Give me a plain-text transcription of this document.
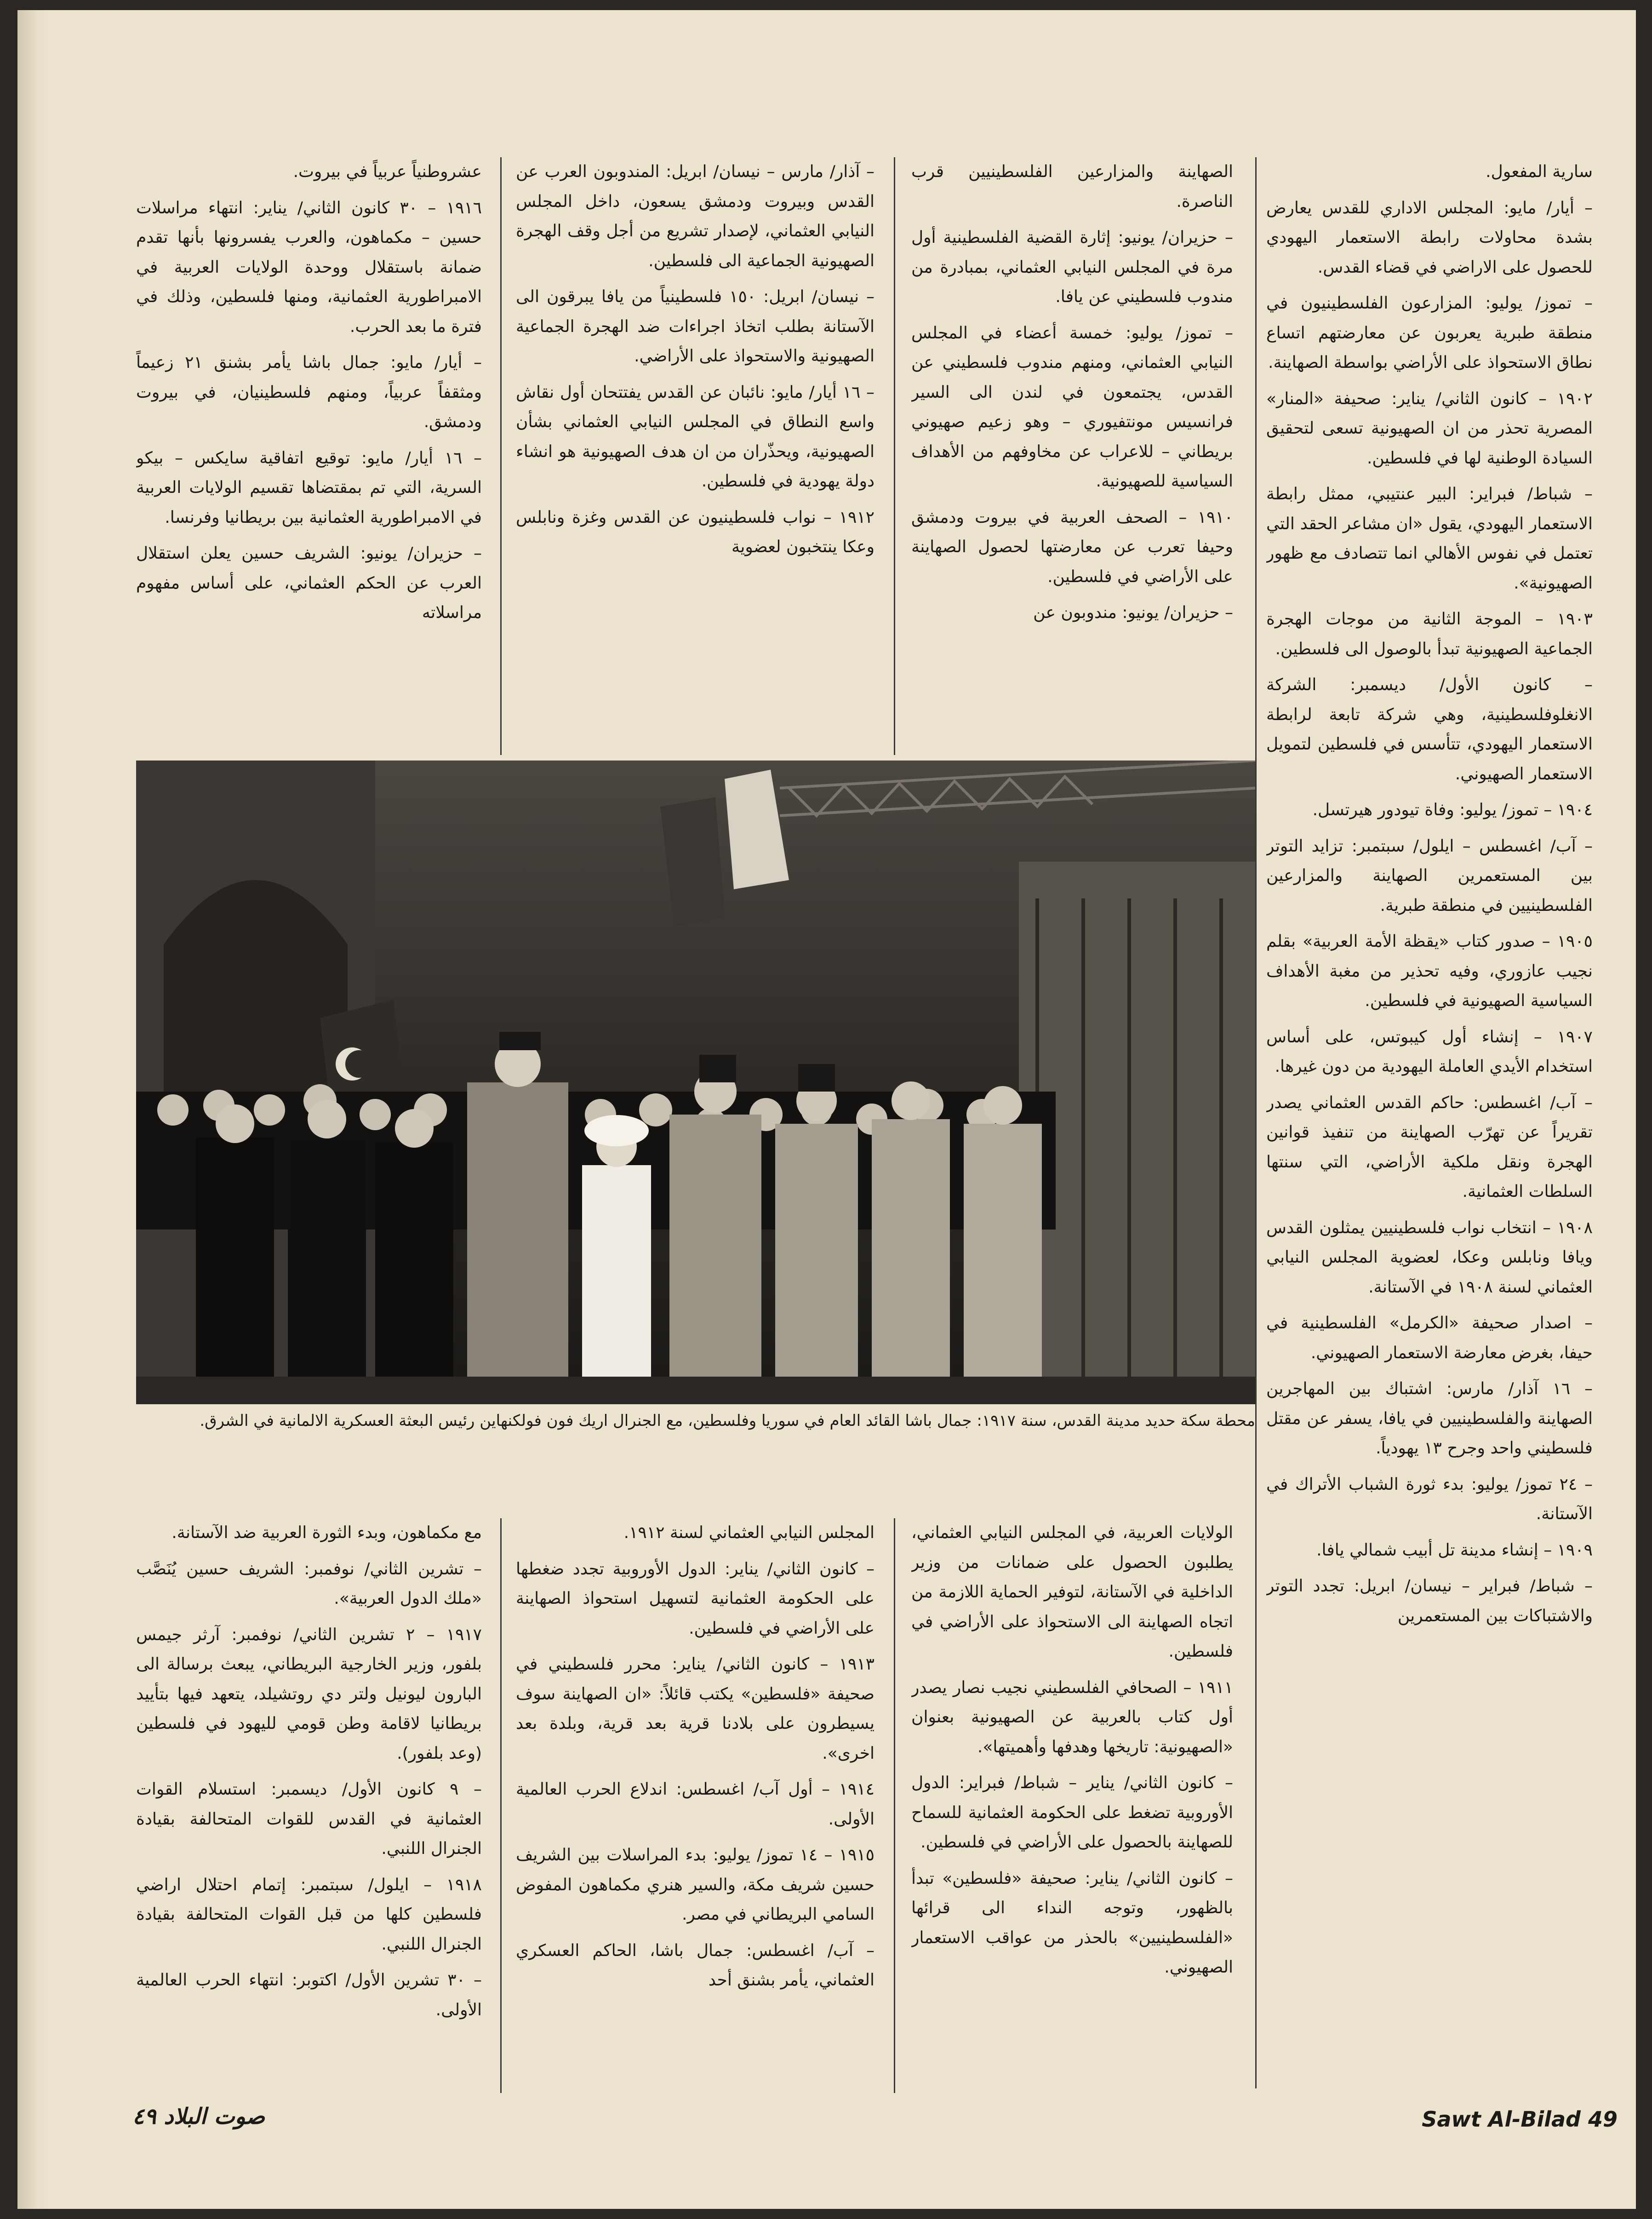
سارية المفعول.

– أيار/ مايو: المجلس الاداري للقدس يعارض بشدة محاولات رابطة الاستعمار اليهودي للحصول على الاراضي في قضاء القدس.

– تموز/ يوليو: المزارعون الفلسطينيون في منطقة طبرية يعربون عن معارضتهم اتساع نطاق الاستحواذ على الأراضي بواسطة الصهاينة.

١٩٠٢ – كانون الثاني/ يناير: صحيفة «المنار» المصرية تحذر من ان الصهيونية تسعى لتحقيق السيادة الوطنية لها في فلسطين.

– شباط/ فبراير: البير عنتيبي، ممثل رابطة الاستعمار اليهودي، يقول «ان مشاعر الحقد التي تعتمل في نفوس الأهالي انما تتصادف مع ظهور الصهيونية».

١٩٠٣ – الموجة الثانية من موجات الهجرة الجماعية الصهيونية تبدأ بالوصول الى فلسطين.

– كانون الأول/ ديسمبر: الشركة الانغلوفلسطينية، وهي شركة تابعة لرابطة الاستعمار اليهودي، تتأسس في فلسطين لتمويل الاستعمار الصهيوني.

١٩٠٤ – تموز/ يوليو: وفاة تيودور هيرتسل.

– آب/ اغسطس – ايلول/ سبتمبر: تزايد التوتر بين المستعمرين الصهاينة والمزارعين الفلسطينيين في منطقة طبرية.

١٩٠٥ – صدور كتاب «يقظة الأمة العربية» بقلم نجيب عازوري، وفيه تحذير من مغبة الأهداف السياسية الصهيونية في فلسطين.

١٩٠٧ – إنشاء أول كيبوتس، على أساس استخدام الأيدي العاملة اليهودية من دون غيرها.

– آب/ اغسطس: حاكم القدس العثماني يصدر تقريراً عن تهرّب الصهاينة من تنفيذ قوانين الهجرة ونقل ملكية الأراضي، التي سنتها السلطات العثمانية.

١٩٠٨ – انتخاب نواب فلسطينيين يمثلون القدس ويافا ونابلس وعكا، لعضوية المجلس النيابي العثماني لسنة ١٩٠٨ في الآستانة.

– اصدار صحيفة «الكرمل» الفلسطينية في حيفا، بغرض معارضة الاستعمار الصهيوني.

– ١٦ آذار/ مارس: اشتباك بين المهاجرين الصهاينة والفلسطينيين في يافا، يسفر عن مقتل فلسطيني واحد وجرح ١٣ يهودياً.

– ٢٤ تموز/ يوليو: بدء ثورة الشباب الأتراك في الآستانة.

١٩٠٩ – إنشاء مدينة تل أبيب شمالي يافا.

– شباط/ فبراير – نيسان/ ابريل: تجدد التوتر والاشتباكات بين المستعمرين

الصهاينة والمزارعين الفلسطينيين قرب الناصرة.

– حزيران/ يونيو: إثارة القضية الفلسطينية أول مرة في المجلس النيابي العثماني، بمبادرة من مندوب فلسطيني عن يافا.

– تموز/ يوليو: خمسة أعضاء في المجلس النيابي العثماني، ومنهم مندوب فلسطيني عن القدس، يجتمعون في لندن الى السير فرانسيس مونتفيوري – وهو زعيم صهيوني بريطاني – للاعراب عن مخاوفهم من الأهداف السياسية للصهيونية.

١٩١٠ – الصحف العربية في بيروت ودمشق وحيفا تعرب عن معارضتها لحصول الصهاينة على الأراضي في فلسطين.

– حزيران/ يونيو: مندوبون عن

– آذار/ مارس – نيسان/ ابريل: المندوبون العرب عن القدس وبيروت ودمشق يسعون، داخل المجلس النيابي العثماني، لإصدار تشريع من أجل وقف الهجرة الصهيونية الجماعية الى فلسطين.

– نيسان/ ابريل: ١٥٠ فلسطينياً من يافا يبرقون الى الآستانة بطلب اتخاذ اجراءات ضد الهجرة الجماعية الصهيونية والاستحواذ على الأراضي.

– ١٦ أيار/ مايو: نائبان عن القدس يفتتحان أول نقاش واسع النطاق في المجلس النيابي العثماني بشأن الصهيونية، ويحذّران من ان هدف الصهيونية هو انشاء دولة يهودية في فلسطين.

١٩١٢ – نواب فلسطينيون عن القدس وغزة ونابلس وعكا ينتخبون لعضوية

عشروطنياً عربياً في بيروت.

١٩١٦ – ٣٠ كانون الثاني/ يناير: انتهاء مراسلات حسين – مكماهون، والعرب يفسرونها بأنها تقدم ضمانة باستقلال ووحدة الولايات العربية في الامبراطورية العثمانية، ومنها فلسطين، وذلك في فترة ما بعد الحرب.

– أيار/ مايو: جمال باشا يأمر بشنق ٢١ زعيماً ومثقفاً عربياً، ومنهم فلسطينيان، في بيروت ودمشق.

– ١٦ أيار/ مايو: توقيع اتفاقية سايكس – بيكو السرية، التي تم بمقتضاها تقسيم الولايات العربية في الامبراطورية العثمانية بين بريطانيا وفرنسا.

– حزيران/ يونيو: الشريف حسين يعلن استقلال العرب عن الحكم العثماني، على أساس مفهوم مراسلاته

محطة سكة حديد مدينة القدس، سنة ١٩١٧: جمال باشا القائد العام في سوريا وفلسطين، مع الجنرال اريك فون فولكنهاين رئيس البعثة العسكرية الالمانية في الشرق.

الولايات العربية، في المجلس النيابي العثماني، يطلبون الحصول على ضمانات من وزير الداخلية في الآستانة، لتوفير الحماية اللازمة من اتجاه الصهاينة الى الاستحواذ على الأراضي في فلسطين.

١٩١١ – الصحافي الفلسطيني نجيب نصار يصدر أول كتاب بالعربية عن الصهيونية بعنوان «الصهيونية: تاريخها وهدفها وأهميتها».

– كانون الثاني/ يناير – شباط/ فبراير: الدول الأوروبية تضغط على الحكومة العثمانية للسماح للصهاينة بالحصول على الأراضي في فلسطين.

– كانون الثاني/ يناير: صحيفة «فلسطين» تبدأ بالظهور، وتوجه النداء الى قرائها «الفلسطينيين» بالحذر من عواقب الاستعمار الصهيوني.

المجلس النيابي العثماني لسنة ١٩١٢.

– كانون الثاني/ يناير: الدول الأوروبية تجدد ضغطها على الحكومة العثمانية لتسهيل استحواذ الصهاينة على الأراضي في فلسطين.

١٩١٣ – كانون الثاني/ يناير: محرر فلسطيني في صحيفة «فلسطين» يكتب قائلاً: «ان الصهاينة سوف يسيطرون على بلادنا قرية بعد قرية، وبلدة بعد اخرى».

١٩١٤ – أول آب/ اغسطس: اندلاع الحرب العالمية الأولى.

١٩١٥ – ١٤ تموز/ يوليو: بدء المراسلات بين الشريف حسين شريف مكة، والسير هنري مكماهون المفوض السامي البريطاني في مصر.

– آب/ اغسطس: جمال باشا، الحاكم العسكري العثماني، يأمر بشنق أحد

مع مكماهون، وبدء الثورة العربية ضد الآستانة.

– تشرين الثاني/ نوفمبر: الشريف حسين يُنَصَّب «ملك الدول العربية».

١٩١٧ – ٢ تشرين الثاني/ نوفمبر: آرثر جيمس بلفور، وزير الخارجية البريطاني، يبعث برسالة الى البارون ليونيل ولتر دي روتشيلد، يتعهد فيها بتأييد بريطانيا لاقامة وطن قومي لليهود في فلسطين (وعد بلفور).

– ٩ كانون الأول/ ديسمبر: استسلام القوات العثمانية في القدس للقوات المتحالفة بقيادة الجنرال اللنبي.

١٩١٨ – ايلول/ سبتمبر: إتمام احتلال اراضي فلسطين كلها من قبل القوات المتحالفة بقيادة الجنرال اللنبي.

– ٣٠ تشرين الأول/ اكتوبر: انتهاء الحرب العالمية الأولى.

Sawt Al-Bilad 49
صوت البلاد ٤٩
